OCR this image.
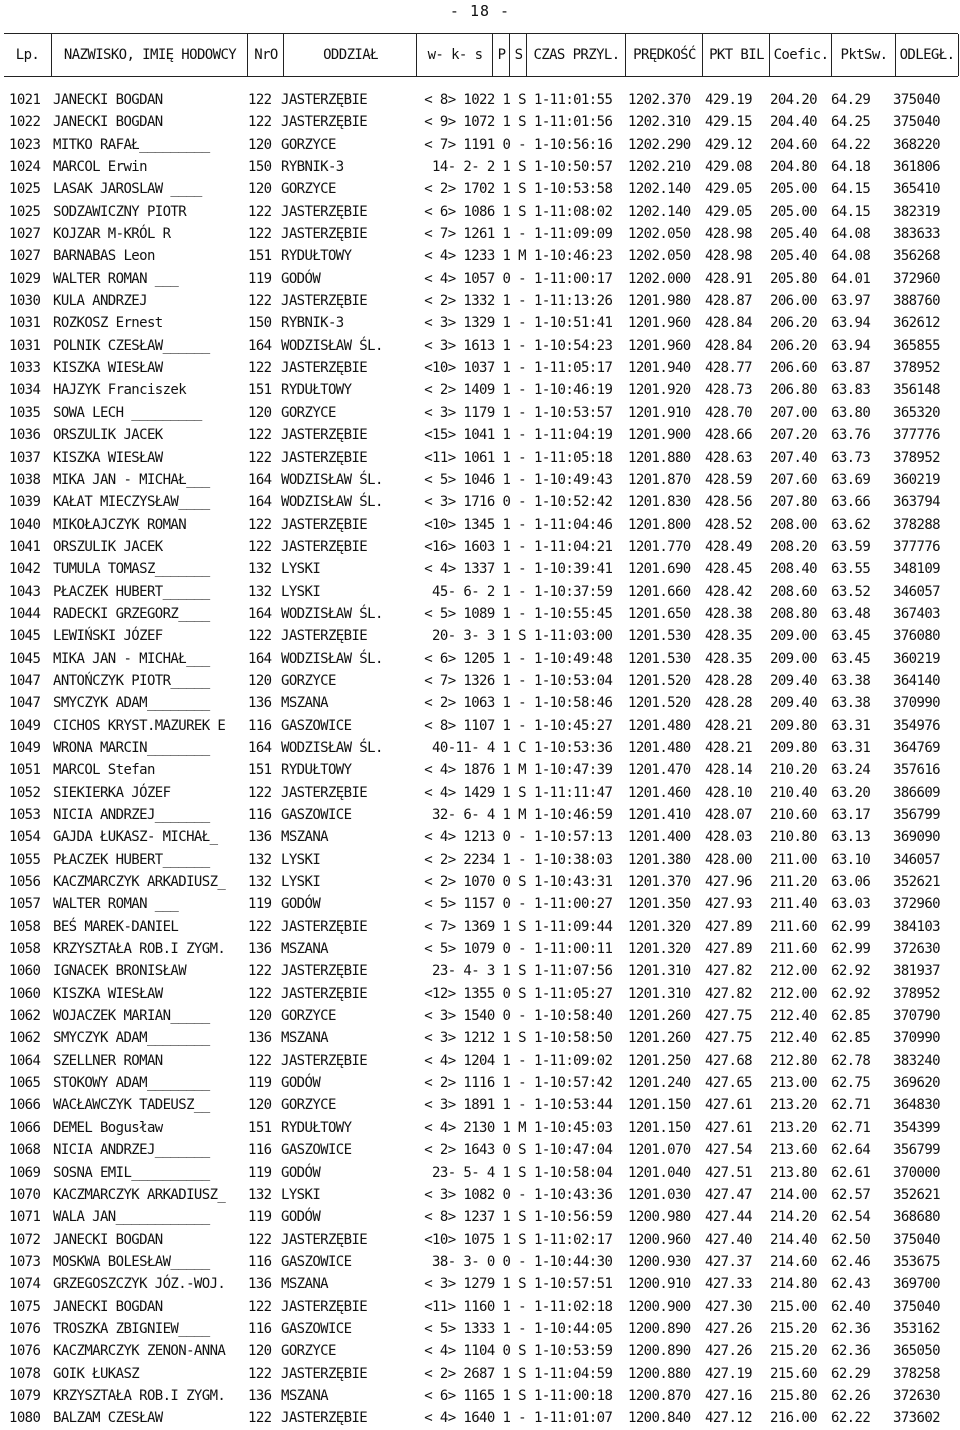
- 18 -
Lp.	NAZWISKO, IMIĘ HODOWCY	NrO	ODDZIAŁ	w- k- s	P S CZAS PRZYL. PRĘDKOŚĆ PKT BIL Coefic. PktSw. ODLEGŁ.
1021 JANECKI BOGDAN	122 JASTERZĘBIE	< 8> 1022 1 S 1-11:01:55 1202.370 429.19 204.20 64.29 375040
1022 JANECKI BOGDAN	122 JASTERZĘBIE	< 9> 1072 1 S 1-11:01:56 1202.310 429.15 204.40 64.25 375040
1023 MITKO RAFAŁ_________	120 GORZYCE	< 7> 1191 0 - 1-10:56:16 1202.290 429.12 204.60 64.22 368220
1024 MARCOL Erwin	150 RYBNIK-3	14- 2- 2 1 S 1-10:50:57 1202.210 429.08 204.80 64.18 361806
1025 LASAK JAROSLAW ____	120 GORZYCE	< 2> 1702 1 S 1-10:53:58 1202.140 429.05 205.00 64.15 365410
1025 SODZAWICZNY PIOTR	122 JASTERZĘBIE	< 6> 1086 1 S 1-11:08:02 1202.140 429.05 205.00 64.15 382319
1027 KOJZAR M-KRÓL R	122 JASTERZĘBIE	< 7> 1261 1 - 1-11:09:09 1202.050 428.98 205.40 64.08 383633
1027 BARNABAS Leon	151 RYDUŁTOWY	< 4> 1233 1 M 1-10:46:23 1202.050 428.98 205.40 64.08 356268
1029 WALTER ROMAN ___	119 GODÓW	< 4> 1057 0 - 1-11:00:17 1202.000 428.91 205.80 64.01 372960
1030 KULA ANDRZEJ	122 JASTERZĘBIE	< 2> 1332 1 - 1-11:13:26 1201.980 428.87 206.00 63.97 388760
1031 ROZKOSZ Ernest	150 RYBNIK-3	< 3> 1329 1 - 1-10:51:41 1201.960 428.84 206.20 63.94 362612
1031 POLNIK CZESŁAW______	164 WODZISŁAW ŚL.	< 3> 1613 1 - 1-10:54:23 1201.960 428.84 206.20 63.94 365855
1033 KISZKA WIESŁAW	122 JASTERZĘBIE	<10> 1037 1 - 1-11:05:17 1201.940 428.77 206.60 63.87 378952
1034 HAJZYK Franciszek	151 RYDUŁTOWY	< 2> 1409 1 - 1-10:46:19 1201.920 428.73 206.80 63.83 356148
1035 SOWA LECH _________	120 GORZYCE	< 3> 1179 1 - 1-10:53:57 1201.910 428.70 207.00 63.80 365320
1036 ORSZULIK JACEK	122 JASTERZĘBIE	<15> 1041 1 - 1-11:04:19 1201.900 428.66 207.20 63.76 377776
1037 KISZKA WIESŁAW	122 JASTERZĘBIE	<11> 1061 1 - 1-11:05:18 1201.880 428.63 207.40 63.73 378952
1038 MIKA JAN - MICHAŁ___	164 WODZISŁAW ŚL.	< 5> 1046 1 - 1-10:49:43 1201.870 428.59 207.60 63.69 360219
1039 KAŁAT MIECZYSŁAW____	164 WODZISŁAW ŚL.	< 3> 1716 0 - 1-10:52:42 1201.830 428.56 207.80 63.66 363794
1040 MIKOŁAJCZYK ROMAN	122 JASTERZĘBIE	<10> 1345 1 - 1-11:04:46 1201.800 428.52 208.00 63.62 378288
1041 ORSZULIK JACEK	122 JASTERZĘBIE	<16> 1603 1 - 1-11:04:21 1201.770 428.49 208.20 63.59 377776
1042 TUMULA TOMASZ_______	132 LYSKI	< 4> 1337 1 - 1-10:39:41 1201.690 428.45 208.40 63.55 348109
1043 PŁACZEK HUBERT______	132 LYSKI	45- 6- 2 1 - 1-10:37:59 1201.660 428.42 208.60 63.52 346057
1044 RADECKI GRZEGORZ____	164 WODZISŁAW ŚL.	< 5> 1089 1 - 1-10:55:45 1201.650 428.38 208.80 63.48 367403
1045 LEWIŃSKI JÓZEF	122 JASTERZĘBIE	20- 3- 3 1 S 1-11:03:00 1201.530 428.35 209.00 63.45 376080
1045 MIKA JAN - MICHAŁ___	164 WODZISŁAW ŚL.	< 6> 1205 1 - 1-10:49:48 1201.530 428.35 209.00 63.45 360219
1047 ANTOŃCZYK PIOTR_____	120 GORZYCE	< 7> 1326 1 - 1-10:53:04 1201.520 428.28 209.40 63.38 364140
1047 SMYCZYK ADAM________	136 MSZANA	< 2> 1063 1 - 1-10:58:46 1201.520 428.28 209.40 63.38 370990
1049 CICHOS KRYST.MAZUREK E	116 GASZOWICE	< 8> 1107 1 - 1-10:45:27 1201.480 428.21 209.80 63.31 354976
1049 WRONA MARCIN________	164 WODZISŁAW ŚL.	40-11- 4 1 C 1-10:53:36 1201.480 428.21 209.80 63.31 364769
1051 MARCOL Stefan	151 RYDUŁTOWY	< 4> 1876 1 M 1-10:47:39 1201.470 428.14 210.20 63.24 357616
1052 SIEKIERKA JÓZEF	122 JASTERZĘBIE	< 4> 1429 1 S 1-11:11:47 1201.460 428.10 210.40 63.20 386609
1053 NICIA ANDRZEJ_______	116 GASZOWICE	32- 6- 4 1 M 1-10:46:59 1201.410 428.07 210.60 63.17 356799
1054 GAJDA ŁUKASZ- MICHAŁ_	136 MSZANA	< 4> 1213 0 - 1-10:57:13 1201.400 428.03 210.80 63.13 369090
1055 PŁACZEK HUBERT______	132 LYSKI	< 2> 2234 1 - 1-10:38:03 1201.380 428.00 211.00 63.10 346057
1056 KACZMARCZYK ARKADIUSZ_	132 LYSKI	< 2> 1070 0 S 1-10:43:31 1201.370 427.96 211.20 63.06 352621
1057 WALTER ROMAN ___	119 GODÓW	< 5> 1157 0 - 1-11:00:27 1201.350 427.93 211.40 63.03 372960
1058 BEŚ MAREK-DANIEL	122 JASTERZĘBIE	< 7> 1369 1 S 1-11:09:44 1201.320 427.89 211.60 62.99 384103
1058 KRZYSZTAŁA ROB.I ZYGM.	136 MSZANA	< 5> 1079 0 - 1-11:00:11 1201.320 427.89 211.60 62.99 372630
1060 IGNACEK BRONISŁAW	122 JASTERZĘBIE	23- 4- 3 1 S 1-11:07:56 1201.310 427.82 212.00 62.92 381937
1060 KISZKA WIESŁAW	122 JASTERZĘBIE	<12> 1355 0 S 1-11:05:27 1201.310 427.82 212.00 62.92 378952
1062 WOJACZEK MARIAN_____	120 GORZYCE	< 3> 1540 0 - 1-10:58:40 1201.260 427.75 212.40 62.85 370790
1062 SMYCZYK ADAM________	136 MSZANA	< 3> 1212 1 S 1-10:58:50 1201.260 427.75 212.40 62.85 370990
1064 SZELLNER ROMAN	122 JASTERZĘBIE	< 4> 1204 1 - 1-11:09:02 1201.250 427.68 212.80 62.78 383240
1065 STOKOWY ADAM________	119 GODÓW	< 2> 1116 1 - 1-10:57:42 1201.240 427.65 213.00 62.75 369620
1066 WACŁAWCZYK TADEUSZ__	120 GORZYCE	< 3> 1891 1 - 1-10:53:44 1201.150 427.61 213.20 62.71 364830
1066 DEMEL Bogusław	151 RYDUŁTOWY	< 4> 2130 1 M 1-10:45:03 1201.150 427.61 213.20 62.71 354399
1068 NICIA ANDRZEJ_______	116 GASZOWICE	< 2> 1643 0 S 1-10:47:04 1201.070 427.54 213.60 62.64 356799
1069 SOSNA EMIL__________	119 GODÓW	23- 5- 4 1 S 1-10:58:04 1201.040 427.51 213.80 62.61 370000
1070 KACZMARCZYK ARKADIUSZ_	132 LYSKI	< 3> 1082 0 - 1-10:43:36 1201.030 427.47 214.00 62.57 352621
1071 WALA JAN____________	119 GODÓW	< 8> 1237 1 S 1-10:56:59 1200.980 427.44 214.20 62.54 368680
1072 JANECKI BOGDAN	122 JASTERZĘBIE	<10> 1075 1 S 1-11:02:17 1200.960 427.40 214.40 62.50 375040
1073 MOSKWA BOLESŁAW_____	116 GASZOWICE	38- 3- 0 0 - 1-10:44:30 1200.930 427.37 214.60 62.46 353675
1074 GRZEGOSZCZYK JÓZ.-WOJ.	136 MSZANA	< 3> 1279 1 S 1-10:57:51 1200.910 427.33 214.80 62.43 369700
1075 JANECKI BOGDAN	122 JASTERZĘBIE	<11> 1160 1 - 1-11:02:18 1200.900 427.30 215.00 62.40 375040
1076 TROSZKA ZBIGNIEW____	116 GASZOWICE	< 5> 1333 1 - 1-10:44:05 1200.890 427.26 215.20 62.36 353162
1076 KACZMARCZYK ZENON-ANNA	120 GORZYCE	< 4> 1104 0 S 1-10:53:59 1200.890 427.26 215.20 62.36 365050
1078 GOIK ŁUKASZ	122 JASTERZĘBIE	< 2> 2687 1 S 1-11:04:59 1200.880 427.19 215.60 62.29 378258
1079 KRZYSZTAŁA ROB.I ZYGM.	136 MSZANA	< 6> 1165 1 S 1-11:00:18 1200.870 427.16 215.80 62.26 372630
1080 BALZAM CZESŁAW	122 JASTERZĘBIE	< 4> 1640 1 - 1-11:01:07 1200.840 427.12 216.00 62.22 373602
